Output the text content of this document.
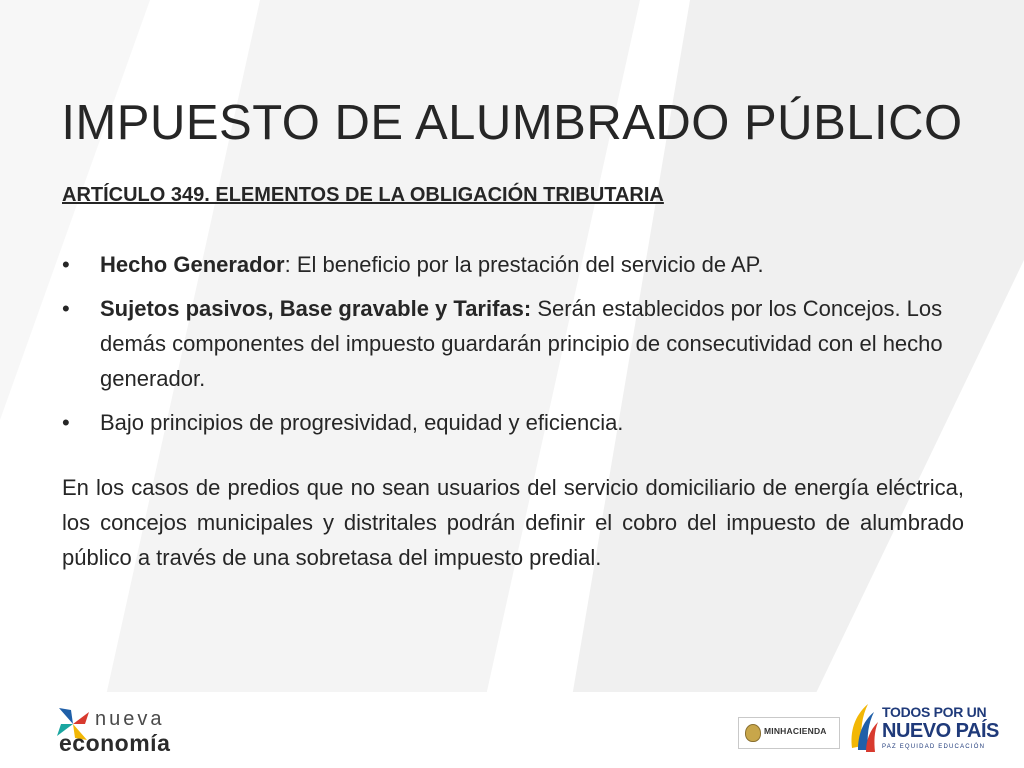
IMPUESTO DE ALUMBRADO PÚBLICO
ARTÍCULO 349. ELEMENTOS DE LA OBLIGACIÓN TRIBUTARIA
• Hecho Generador: El beneficio por la prestación del servicio de AP.
• Sujetos pasivos, Base gravable y Tarifas: Serán establecidos por los Concejos. Los demás componentes del impuesto guardarán principio de consecutividad con el hecho generador.
• Bajo principios de progresividad, equidad y eficiencia.

En los casos de predios que no sean usuarios del servicio domiciliario de energía eléctrica, los concejos municipales y distritales podrán definir el cobro del impuesto de alumbrado público a través de una sobretasa del impuesto predial.

nueva
economía	MINHACIENDA
TODOS POR UN
NUEVO PAÍS
PAZ EQUIDAD EDUCACIÓN
